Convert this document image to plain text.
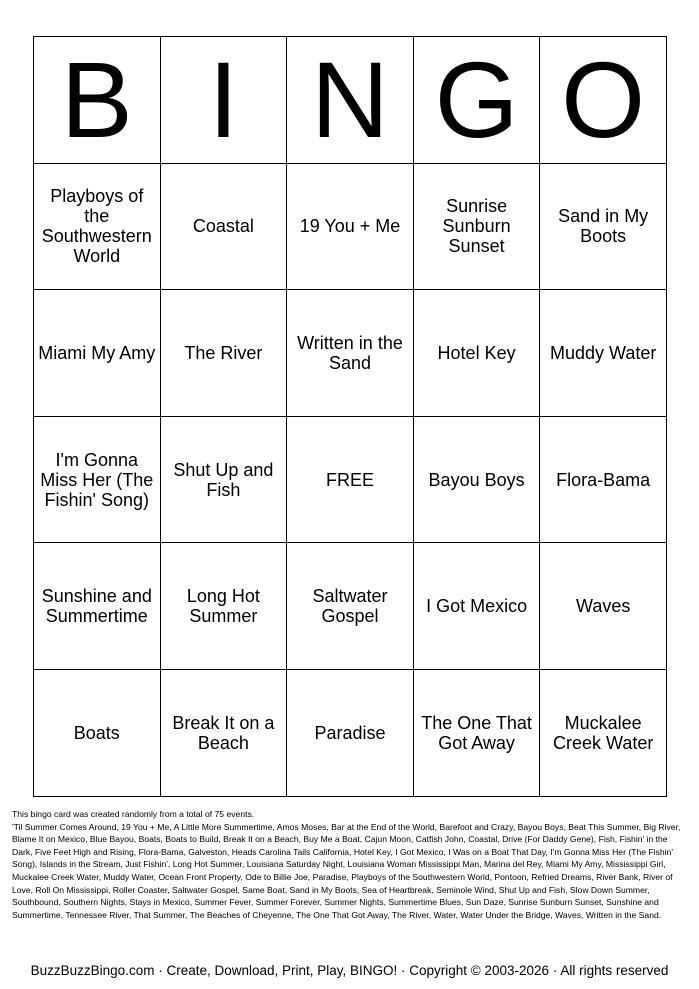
B	I	N	G	O
Playboys of the Southwestern World	Coastal	19 You + Me	Sunrise Sunburn Sunset	Sand in My Boots
Miami My Amy	The River	Written in the Sand	Hotel Key	Muddy Water
I'm Gonna Miss Her (The Fishin' Song)	Shut Up and Fish	FREE	Bayou Boys	Flora-Bama
Sunshine and Summertime	Long Hot Summer	Saltwater Gospel	I Got Mexico	Waves
Boats	Break It on a Beach	Paradise	The One That Got Away	Muckalee Creek Water

This bingo card was created randomly from a total of 75 events.

'Til Summer Comes Around, 19 You + Me, A Little More Summertime, Amos Moses, Bar at the End of the World, Barefoot and Crazy, Bayou Boys, Beat This Summer, Big River, Blame It on Mexico, Blue Bayou, Boats, Boats to Build, Break It on a Beach, Buy Me a Boat, Cajun Moon, Catfish John, Coastal, Drive (For Daddy Gene), Fish, Fishin' in the Dark, Five Feet High and Rising, Flora-Bama, Galveston, Heads Carolina Tails California, Hotel Key, I Got Mexico, I Was on a Boat That Day, I'm Gonna Miss Her (The Fishin' Song), Islands in the Stream, Just Fishin', Long Hot Summer, Louisiana Saturday Night, Louisiana Woman Mississippi Man, Marina del Rey, Miami My Amy, Mississippi Girl, Muckalee Creek Water, Muddy Water, Ocean Front Property, Ode to Billie Joe, Paradise, Playboys of the Southwestern World, Pontoon, Refried Dreams, River Bank, River of Love, Roll On Mississippi, Roller Coaster, Saltwater Gospel, Same Boat, Sand in My Boots, Sea of Heartbreak, Seminole Wind, Shut Up and Fish, Slow Down Summer, Southbound, Southern Nights, Stays in Mexico, Summer Fever, Summer Forever, Summer Nights, Summertime Blues, Sun Daze, Sunrise Sunburn Sunset, Sunshine and Summertime, Tennessee River, That Summer, The Beaches of Cheyenne, The One That Got Away, The River, Water, Water Under the Bridge, Waves, Written in the Sand.

BuzzBuzzBingo.com · Create, Download, Print, Play, BINGO! · Copyright © 2003-2026 · All rights reserved
